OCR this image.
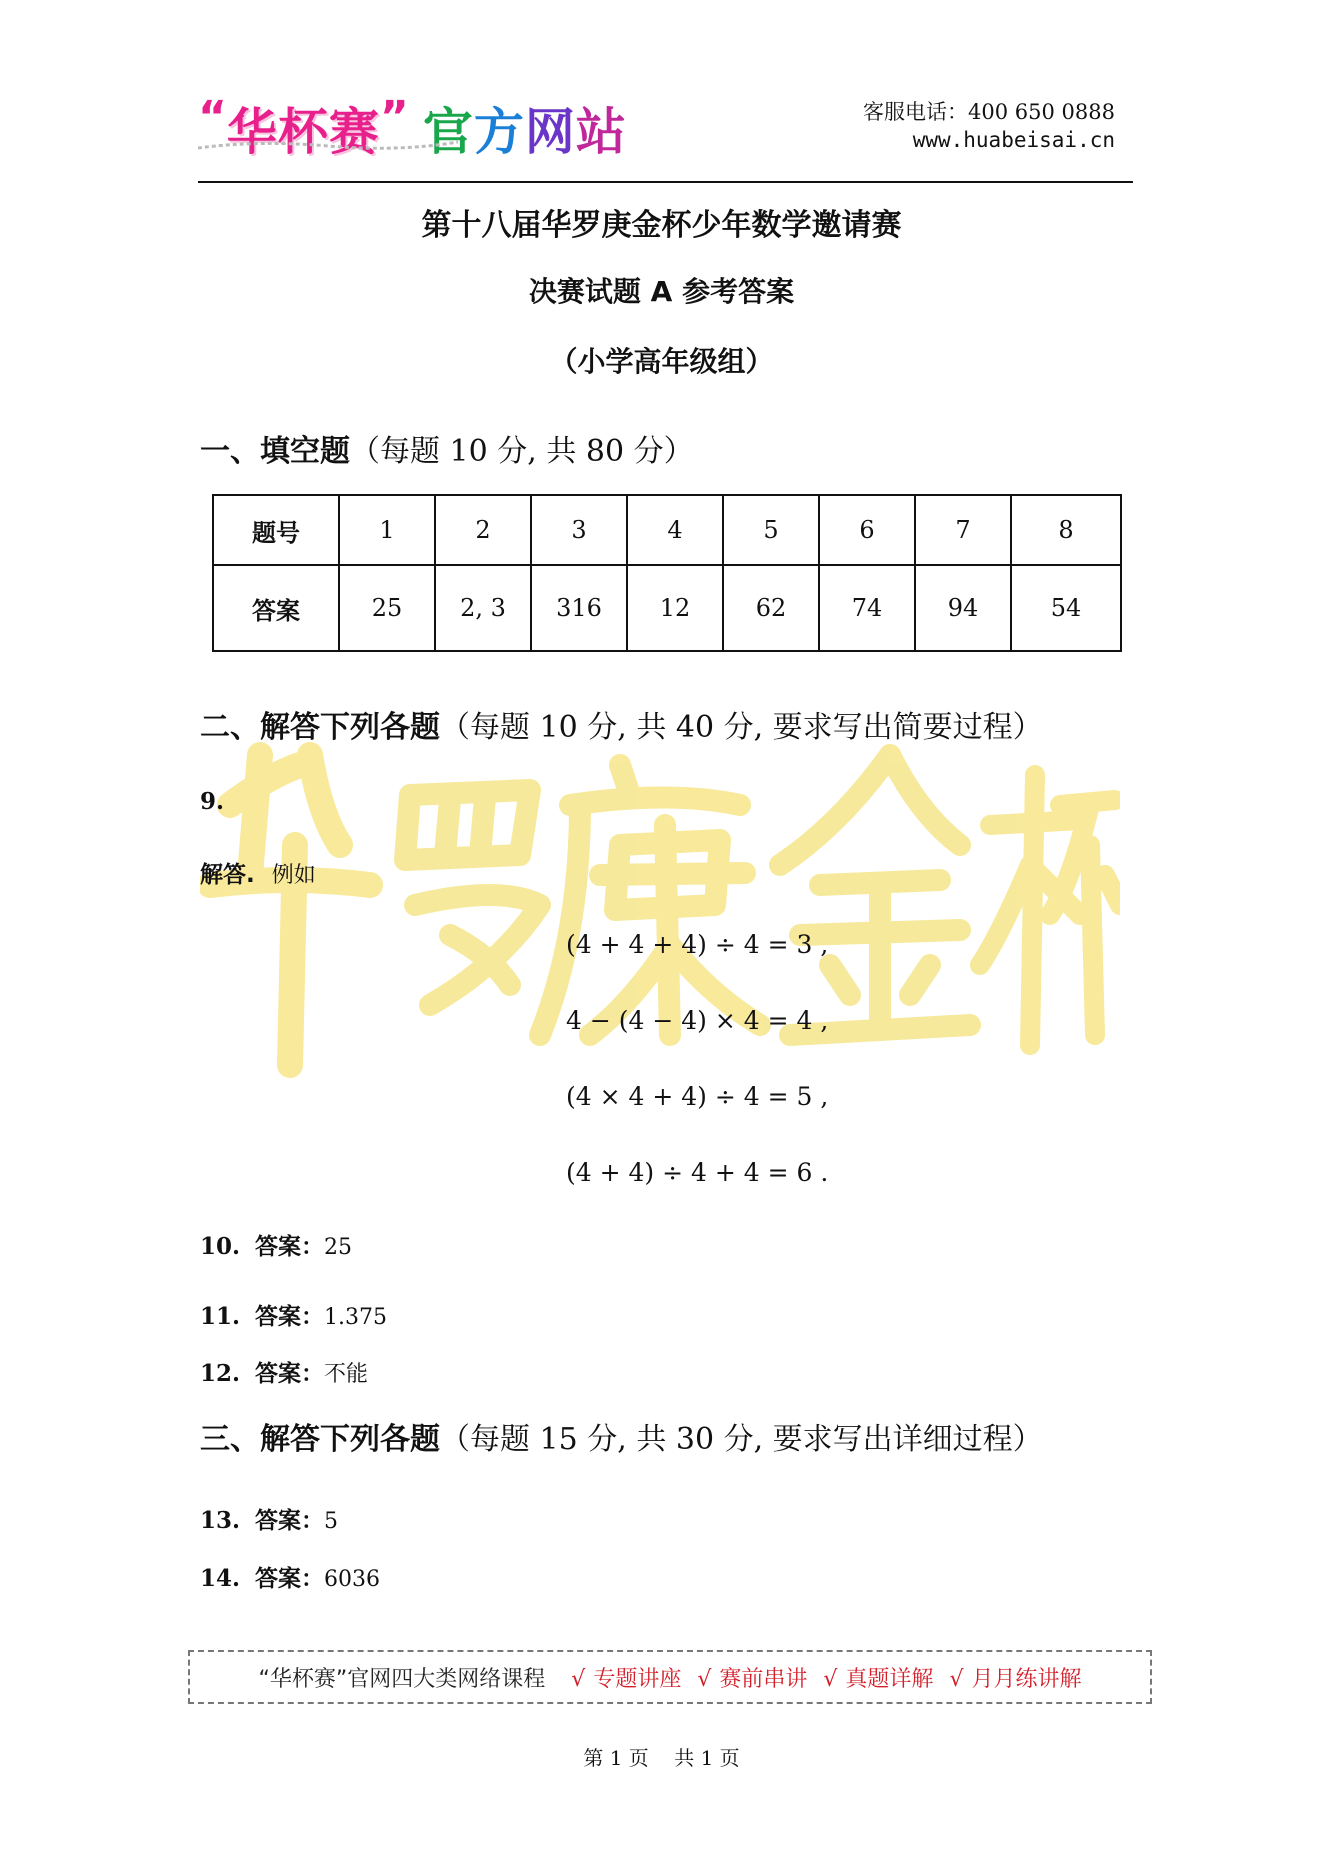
“ 华杯赛 ” 官方网站	客服电话：400 650 0888
www.huabeisai.cn
第十八届华罗庚金杯少年数学邀请赛
决赛试题 A 参考答案
（小学高年级组）
一、填空题（每题 10 分, 共 80 分）
题号	1	2	3	4	5	6	7	8
答案	25	2, 3	316	12	62	74	94	54
二、解答下列各题（每题 10 分, 共 40 分, 要求写出简要过程）
9.
解答. 例如
(4 + 4 + 4) ÷ 4 = 3 ,
4 − (4 − 4) × 4 = 4 ,
(4 × 4 + 4) ÷ 4 = 5 ,
(4 + 4) ÷ 4 + 4 = 6 .
10. 答案：25
11. 答案：1.375
12. 答案：不能
三、解答下列各题（每题 15 分, 共 30 分, 要求写出详细过程）
13. 答案：5
14. 答案：6036
“华杯赛”官网四大类网络课程 √ 专题讲座 √ 赛前串讲 √ 真题详解 √ 月月练讲解
第 1 页    共 1 页
